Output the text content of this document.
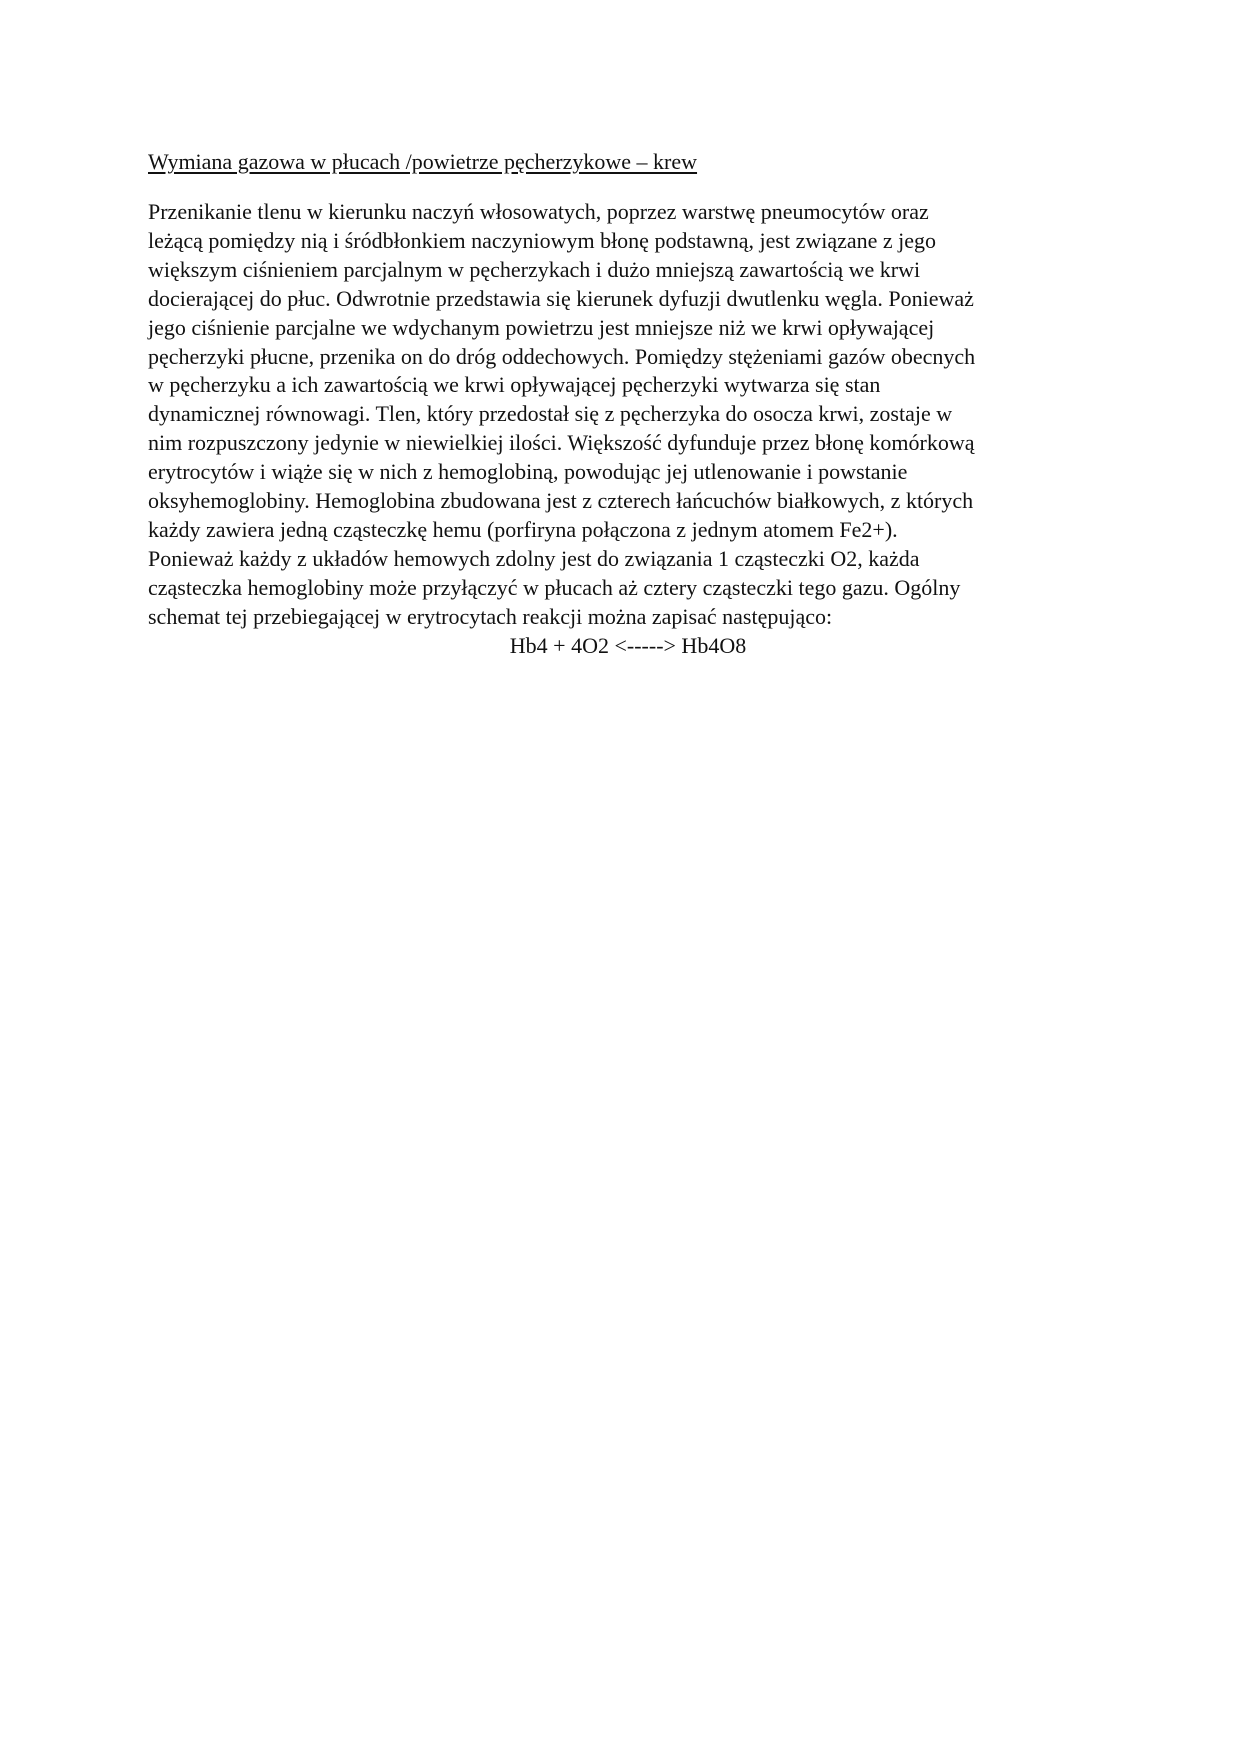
Wymiana gazowa w płucach /powietrze pęcherzykowe – krew

Przenikanie tlenu w kierunku naczyń włosowatych, poprzez warstwę pneumocytów oraz
leżącą pomiędzy nią i śródbłonkiem naczyniowym błonę podstawną, jest związane z jego
większym ciśnieniem parcjalnym w pęcherzykach i dużo mniejszą zawartością we krwi
docierającej do płuc. Odwrotnie przedstawia się kierunek dyfuzji dwutlenku węgla. Ponieważ
jego ciśnienie parcjalne we wdychanym powietrzu jest mniejsze niż we krwi opływającej
pęcherzyki płucne, przenika on do dróg oddechowych. Pomiędzy stężeniami gazów obecnych
w pęcherzyku a ich zawartością we krwi opływającej pęcherzyki wytwarza się stan
dynamicznej równowagi. Tlen, który przedostał się z pęcherzyka do osocza krwi, zostaje w
nim rozpuszczony jedynie w niewielkiej ilości. Większość dyfunduje przez błonę komórkową
erytrocytów i wiąże się w nich z hemoglobiną, powodując jej utlenowanie i powstanie
oksyhemoglobiny. Hemoglobina zbudowana jest z czterech łańcuchów białkowych, z których
każdy zawiera jedną cząsteczkę hemu (porfiryna połączona z jednym atomem Fe2+).
Ponieważ każdy z układów hemowych zdolny jest do związania 1 cząsteczki O2, każda
cząsteczka hemoglobiny może przyłączyć w płucach aż cztery cząsteczki tego gazu. Ogólny
schemat tej przebiegającej w erytrocytach reakcji można zapisać następująco:

Hb4 + 4O2 <-----> Hb4O8
